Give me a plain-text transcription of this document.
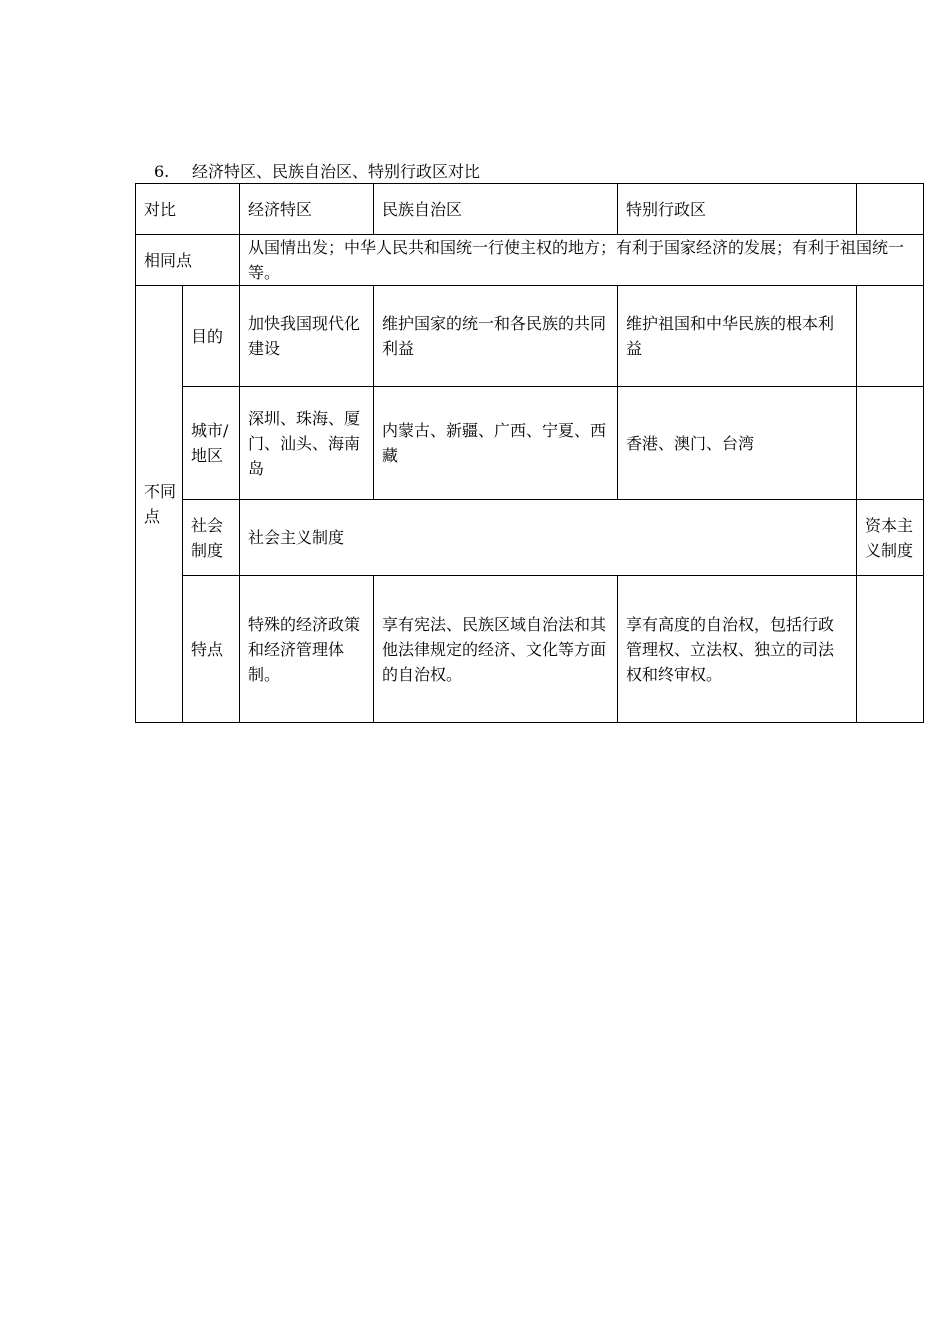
6. 经济特区、民族自治区、特别行政区对比
对比		经济特区	民族自治区	特别行政区	
相同点		从国情出发；中华人民共和国统一行使主权的地方；有利于国家经济的发展；有利于祖国统一等。			
不同点	目的	加快我国现代化建设	维护国家的统一和各民族的共同利益	维护祖国和中华民族的根本利益	
	城市/地区	深圳、珠海、厦门、汕头、海南岛	内蒙古、新疆、广西、宁夏、西藏	香港、澳门、台湾	
	社会制度	社会主义制度			资本主义制度
	特点	特殊的经济政策和经济管理体制。	享有宪法、民族区域自治法和其他法律规定的经济、文化等方面的自治权。	享有高度的自治权，包括行政管理权、立法权、独立的司法权和终审权。	
